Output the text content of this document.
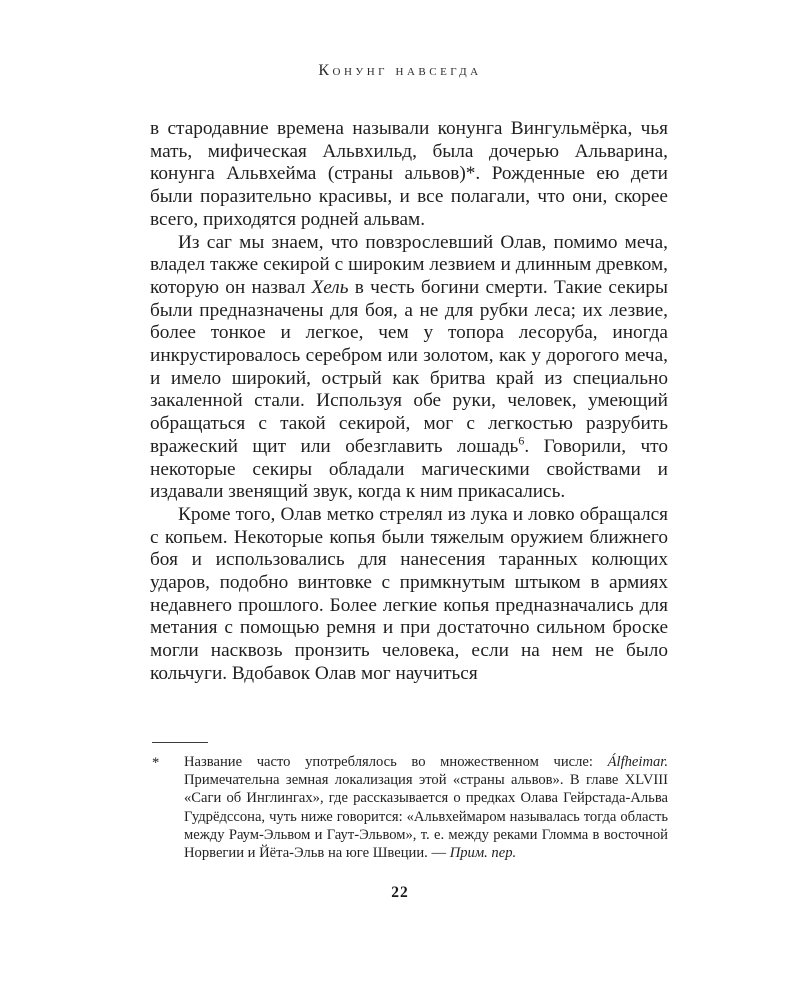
Конунг навсегда

в стародавние времена называли конунга Вингульмёрка, чья мать, мифическая Альвхильд, была дочерью Альварина, конунга Альвхейма (страны альвов)*. Рожденные ею дети были поразительно красивы, и все полагали, что они, скорее всего, приходятся родней альвам.

Из саг мы знаем, что повзрослевший Олав, помимо меча, владел также секирой с широким лезвием и длинным древком, которую он назвал Хель в честь богини смерти. Такие секиры были предназначены для боя, а не для рубки леса; их лезвие, более тонкое и легкое, чем у топора лесоруба, иногда инкрустировалось серебром или золотом, как у дорогого меча, и имело широкий, острый как бритва край из специально закаленной стали. Используя обе руки, человек, умеющий обращаться с такой секирой, мог с легкостью разрубить вражеский щит или обезглавить лошадь$^6$. Говорили, что некоторые секиры обладали магическими свойствами и издавали звенящий звук, когда к ним прикасались.

Кроме того, Олав метко стрелял из лука и ловко обращался с копьем. Некоторые копья были тяжелым оружием ближнего боя и использовались для нанесения таранных колющих ударов, подобно винтовке с примкнутым штыком в армиях недавнего прошлого. Более легкие копья предназначались для метания с помощью ремня и при достаточно сильном броске могли насквозь пронзить человека, если на нем не было кольчуги. Вдобавок Олав мог научиться

* Название часто употреблялось во множественном числе: Álfheimar. Примечательна земная локализация этой «страны альвов». В главе XLVIII «Саги об Инглингах», где рассказывается о предках Олава Гейрстада-Альва Гудрёдссона, чуть ниже говорится: «Альвхеймаром называлась тогда область между Раум-Эльвом и Гаут-Эльвом», т. е. между реками Гломма в восточной Норвегии и Йёта-Эльв на юге Швеции. — Прим. пер.
22
